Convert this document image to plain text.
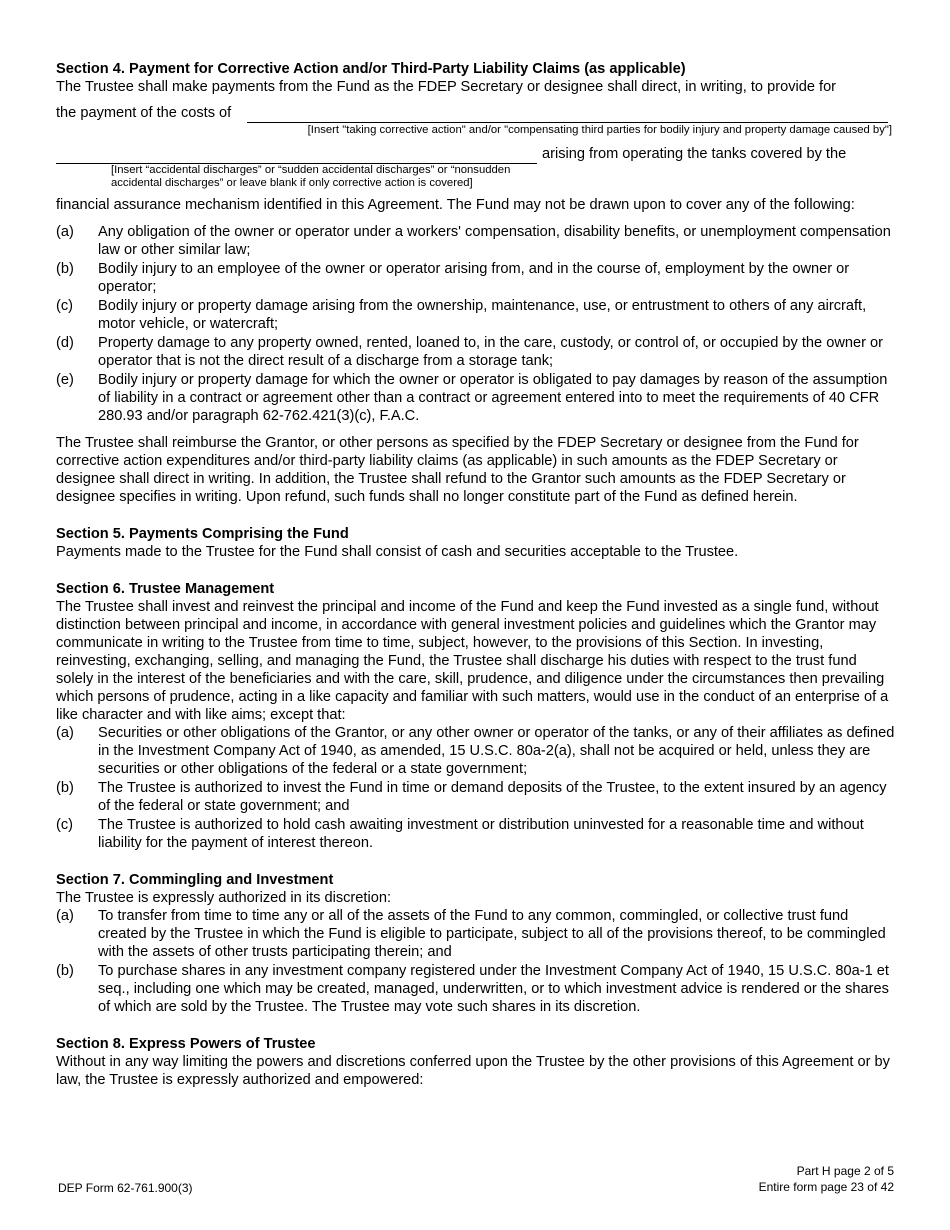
Section 4. Payment for Corrective Action and/or Third-Party Liability Claims (as applicable)

The Trustee shall make payments from the Fund as the FDEP Secretary or designee shall direct, in writing, to provide for

the payment of the costs of
[Insert "taking corrective action" and/or "compensating third parties for bodily injury and property damage caused by"]
arising from operating the tanks covered by the
[Insert “accidental discharges” or “sudden accidental discharges” or “nonsudden
accidental discharges” or leave blank if only corrective action is covered]

financial assurance mechanism identified in this Agreement. The Fund may not be drawn upon to cover any of the following:

(a)	Any obligation of the owner or operator under a workers' compensation, disability benefits, or unemployment compensation law or other similar law;
(b)	Bodily injury to an employee of the owner or operator arising from, and in the course of, employment by the owner or operator;
(c)	Bodily injury or property damage arising from the ownership, maintenance, use, or entrustment to others of any aircraft, motor vehicle, or watercraft;
(d)	Property damage to any property owned, rented, loaned to, in the care, custody, or control of, or occupied by the owner or operator that is not the direct result of a discharge from a storage tank;
(e)	Bodily injury or property damage for which the owner or operator is obligated to pay damages by reason of the assumption of liability in a contract or agreement other than a contract or agreement entered into to meet the requirements of 40 CFR 280.93 and/or paragraph 62-762.421(3)(c), F.A.C.

The Trustee shall reimburse the Grantor, or other persons as specified by the FDEP Secretary or designee from the Fund for corrective action expenditures and/or third-party liability claims (as applicable) in such amounts as the FDEP Secretary or designee shall direct in writing. In addition, the Trustee shall refund to the Grantor such amounts as the FDEP Secretary or designee specifies in writing. Upon refund, such funds shall no longer constitute part of the Fund as defined herein.

Section 5. Payments Comprising the Fund

Payments made to the Trustee for the Fund shall consist of cash and securities acceptable to the Trustee.

Section 6. Trustee Management

The Trustee shall invest and reinvest the principal and income of the Fund and keep the Fund invested as a single fund, without distinction between principal and income, in accordance with general investment policies and guidelines which the Grantor may communicate in writing to the Trustee from time to time, subject, however, to the provisions of this Section. In investing, reinvesting, exchanging, selling, and managing the Fund, the Trustee shall discharge his duties with respect to the trust fund solely in the interest of the beneficiaries and with the care, skill, prudence, and diligence under the circumstances then prevailing which persons of prudence, acting in a like capacity and familiar with such matters, would use in the conduct of an enterprise of a like character and with like aims; except that:

(a)	Securities or other obligations of the Grantor, or any other owner or operator of the tanks, or any of their affiliates as defined in the Investment Company Act of 1940, as amended, 15 U.S.C. 80a-2(a), shall not be acquired or held, unless they are securities or other obligations of the federal or a state government;
(b)	The Trustee is authorized to invest the Fund in time or demand deposits of the Trustee, to the extent insured by an agency of the federal or state government; and
(c)	The Trustee is authorized to hold cash awaiting investment or distribution uninvested for a reasonable time and without liability for the payment of interest thereon.

Section 7. Commingling and Investment

The Trustee is expressly authorized in its discretion:

(a)	To transfer from time to time any or all of the assets of the Fund to any common, commingled, or collective trust fund created by the Trustee in which the Fund is eligible to participate, subject to all of the provisions thereof, to be commingled with the assets of other trusts participating therein; and
(b)	To purchase shares in any investment company registered under the Investment Company Act of 1940, 15 U.S.C. 80a-1 et seq., including one which may be created, managed, underwritten, or to which investment advice is rendered or the shares of which are sold by the Trustee. The Trustee may vote such shares in its discretion.

Section 8. Express Powers of Trustee

Without in any way limiting the powers and discretions conferred upon the Trustee by the other provisions of this Agreement or by law, the Trustee is expressly authorized and empowered:

DEP Form 62-761.900(3)
Part H page 2 of 5
Entire form page 23 of 42
